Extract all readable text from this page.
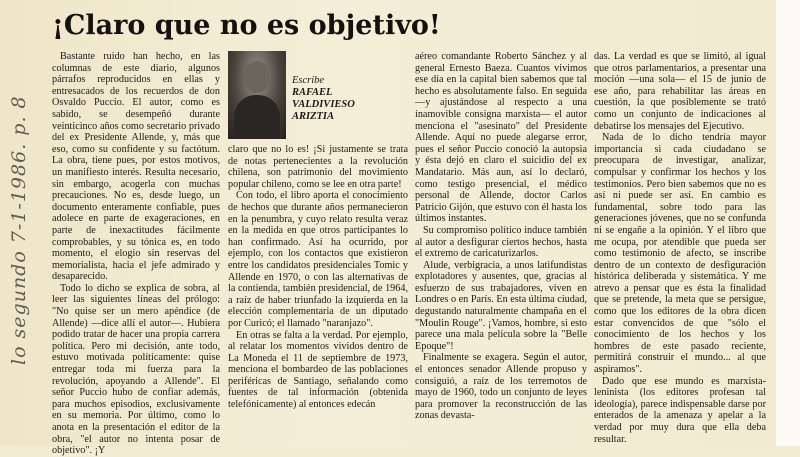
lo segundo 7-1-1986. p. 8
¡Claro que no es objetivo!

Bastante ruido han hecho, en las columnas de este diario, algunos párrafos reproducidos en ellas y entresacados de los recuerdos de don Osvaldo Puccio. El autor, como es sabido, se desempeñó durante veinticinco años como secretario privado del ex Presidente Allende, y, más que eso, como su confidente y su factótum. La obra, tiene pues, por estos motivos, un manifiesto interés. Resulta necesario, sin embargo, acogerla con muchas precauciones. No es, desde luego, un documento enteramente confiable, pues adolece en parte de exageraciones, en parte de inexactitudes fácilmente comprobables, y su tónica es, en todo momento, el elogio sin reservas del memorialista, hacia el jefe admirado y desaparecido.

Todo lo dicho se explica de sobra, al leer las siguientes líneas del prólogo: "No quise ser un mero apéndice (de Allende) —dice allí el autor—. Hubiera podido tratar de hacer una propia carrera política. Pero mi decisión, ante todo, estuvo motivada políticamente: quise entregar toda mi fuerza para la revolución, apoyando a Allende". El señor Puccio hubo de confiar además, para muchos episodios, exclusivamente en su memoria. Por último, como lo anota en la presentación el editor de la obra, "el autor no intenta posar de objetivo". ¡Y

Escribe
RAFAEL
VALDIVIESO
ARIZTIA

claro que no lo es! ¡Si justamente se trata de notas pertenecientes a la revolución chilena, son patrimonio del movimiento popular chileno, como se lee en otra parte!

Con todo, el libro aporta el conocimiento de hechos que durante años permanecieron en la penumbra, y cuyo relato resulta veraz en la medida en que otros participantes lo han confirmado. Así ha ocurrido, por ejemplo, con los contactos que existieron entre los candidatos presidenciales Tomic y Allende en 1970, o con las alternativas de la contienda, también presidencial, de 1964, a raíz de haber triunfado la izquierda en la elección complementaria de un diputado por Curicó; el llamado "naranjazo".

En otras se falta a la verdad. Por ejemplo, al relatar los momentos vividos dentro de La Moneda el 11 de septiembre de 1973, menciona el bombardeo de las poblaciones periféricas de Santiago, señalando como fuentes de tal información (obtenida telefónicamente) al entonces edecán

aéreo comandante Roberto Sánchez y al general Ernesto Baeza. Cuantos vivimos ese día en la capital bien sabemos que tal hecho es absolutamente falso. En seguida —y ajustándose al respecto a una inamovible consigna marxista— el autor menciona el "asesinato" del Presidente Allende. Aquí no puede alegarse error, pues el señor Puccio conoció la autopsia y ésta dejó en claro el suicidio del ex Mandatario. Más aun, así lo declaró, como testigo presencial, el médico personal de Allende, doctor Carlos Patricio Gijón, que estuvo con él hasta los últimos instantes.

Su compromiso político induce también al autor a desfigurar ciertos hechos, hasta el extremo de caricaturizarlos.

Alude, verbigracia, a unos latifundistas explotadores y ausentes, que, gracias al esfuerzo de sus trabajadores, viven en Londres o en París. En esta última ciudad, degustando naturalmente champaña en el "Moulin Rouge". ¡Vamos, hombre, si esto parece una mala película sobre la "Belle Epoque"!

Finalmente se exagera. Según el autor, el entonces senador Allende propuso y consiguió, a raíz de los terremotos de mayo de 1960, todo un conjunto de leyes para promover la reconstrucción de las zonas devasta-

das. La verdad es que se limitó, al igual que otros parlamentarios, a presentar una moción —una sola— el 15 de junio de ese año, para rehabilitar las áreas en cuestión, la que posiblemente se trató como un conjunto de indicaciones al debatirse los mensajes del Ejecutivo.

Nada de lo dicho tendría mayor importancia si cada ciudadano se preocupara de investigar, analizar, compulsar y confirmar los hechos y los testimonios. Pero bien sabemos que no es así ni puede ser así. En cambio es fundamental, sobre todo para las generaciones jóvenes, que no se confunda ni se engañe a la opinión. Y el libro que me ocupa, por atendible que pueda ser como testimonio de afecto, se inscribe dentro de un contexto de desfiguración histórica deliberada y sistemática. Y me atrevo a pensar que es ésta la finalidad que se pretende, la meta que se persigue, como que los editores de la obra dicen estar convencidos de que "sólo el conocimiento de los hechos y los hombres de este pasado reciente, permitirá construir el mundo... al que aspiramos".

Dado que ese mundo es marxista-leninista (los editores profesan tal ideología), parece indispensable darse por enterados de la amenaza y apelar a la verdad por muy dura que ella deba resultar.
